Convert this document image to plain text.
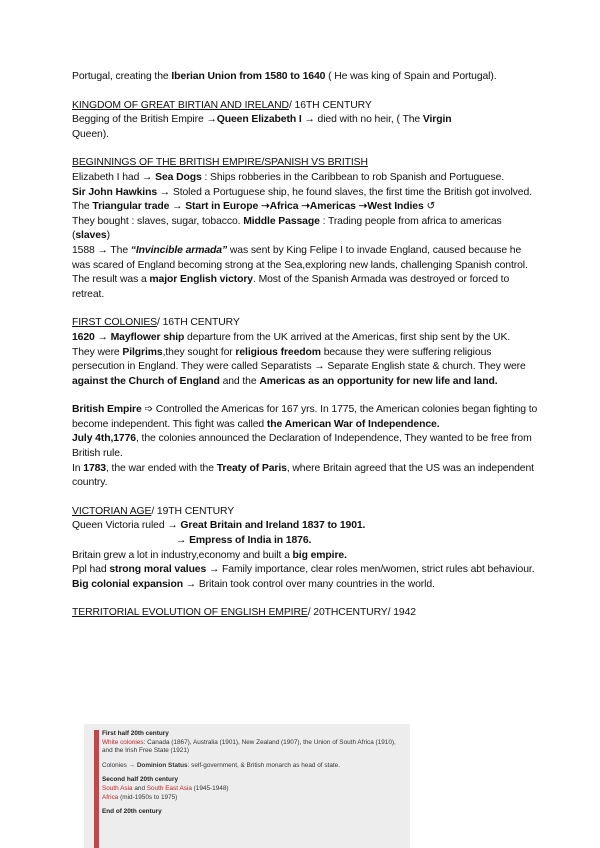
Portugal, creating the Iberian Union from 1580 to 1640 ( He was king of Spain and Portugal).

KINGDOM OF GREAT BIRTIAN AND IRELAND/ 16TH CENTURY

Begging of the British Empire →Queen Elizabeth I → died with no heir, ( The Virgin
Queen).

BEGINNINGS OF THE BRITISH EMPIRE/SPANISH VS BRITISH

Elizabeth I had → Sea Dogs : Ships robberies in the Caribbean to rob Spanish and Portuguese.

Sir John Hawkins → Stoled a Portuguese ship, he found slaves, the first time the British got involved.

The Triangular trade → Start in Europe ➝Africa ➝Americas ➝West Indies ↺

They bought : slaves, sugar, tobacco. Middle Passage : Trading people from africa to americas (slaves)

1588 → The “Invincible armada” was sent by King Felipe I to invade England, caused because he was scared of England becoming strong at the Sea,exploring new lands, challenging Spanish control. The result was a major English victory. Most of the Spanish Armada was destroyed or forced to retreat.

FIRST COLONIES/ 16TH CENTURY

1620 → Mayflower ship departure from the UK arrived at the Americas, first ship sent by the UK.

They were Pilgrims,they sought for religious freedom because they were suffering religious persecution in England. They were called Separatists → Separate English state & church. They were against the Church of England and the Americas as an opportunity for new life and land.

British Empire ➩ Controlled the Americas for 167 yrs. In 1775, the American colonies began fighting to become independent. This fight was called the American War of Independence.

July 4th,1776, the colonies announced the Declaration of Independence, They wanted to be free from British rule.

In 1783, the war ended with the Treaty of Paris, where Britain agreed that the US was an independent country.

VICTORIAN AGE/ 19TH CENTURY

Queen Victoria ruled → Great Britain and Ireland 1837 to 1901.

→ Empress of India in 1876.

Britain grew a lot in industry,economy and built a big empire.

Ppl had strong moral values → Family importance, clear roles men/women, strict rules abt behaviour.

Big colonial expansion → Britain took control over many countries in the world.

TERRITORIAL EVOLUTION OF ENGLISH EMPIRE/ 20THCENTURY/ 1942

First half 20th century

White colonies: Canada (1867), Australia (1901), New Zealand (1907), the Union of South Africa (1910), and the Irish Free State (1921)

Colonies → Dominion Status: self-government, & British monarch as head of state.

Second half 20th century

South Asia and South East Asia (1945-1948)

Africa (mid-1950s to 1975)

End of 20th century
